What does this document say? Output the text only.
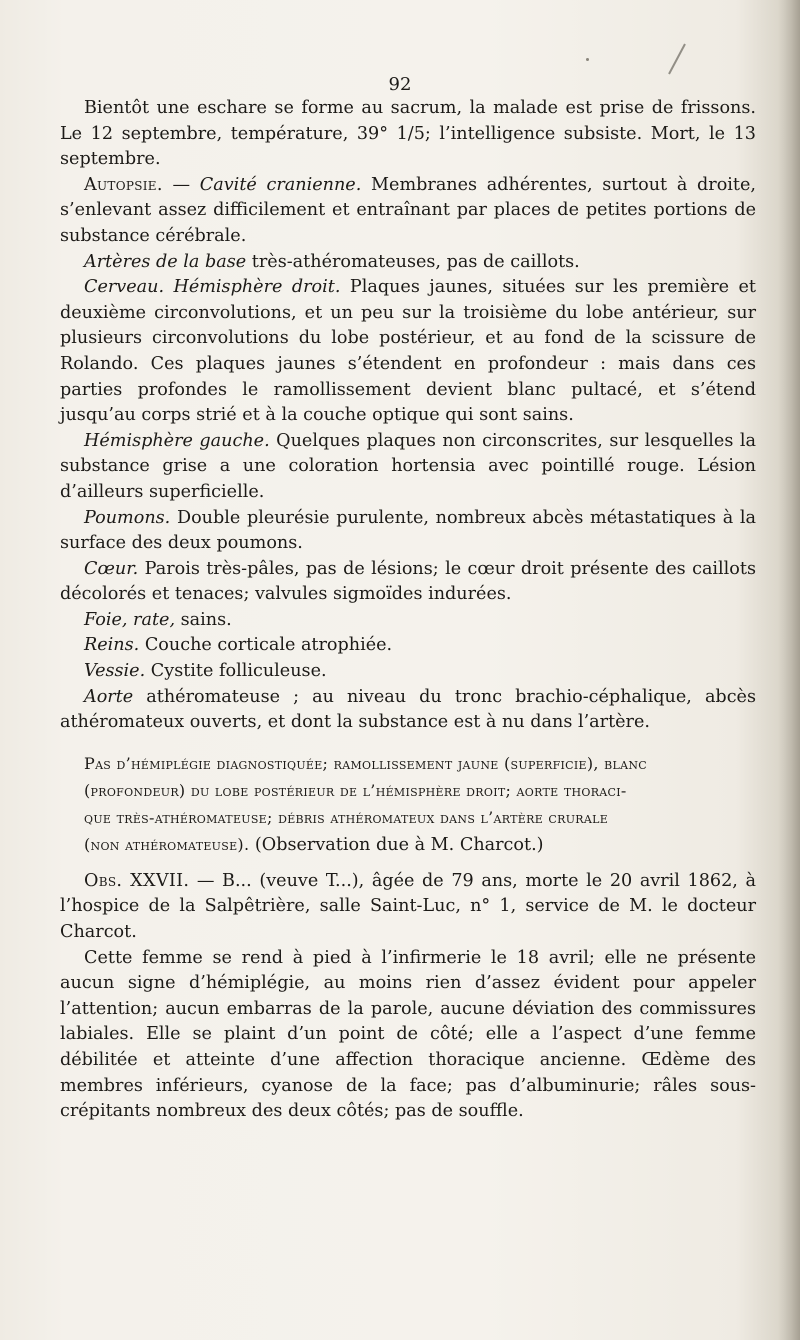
92

Bientôt une eschare se forme au sacrum, la malade est prise de frissons. Le 12 septembre, température, 39° 1/5; l’intelligence subsiste. Mort, le 13 septembre.

Autopsie. — Cavité cranienne. Membranes adhérentes, surtout à droite, s’enlevant assez difficilement et entraînant par places de petites portions de substance cérébrale.

Artères de la base très-athéromateuses, pas de caillots.

Cerveau. Hémisphère droit. Plaques jaunes, situées sur les première et deuxième circonvolutions, et un peu sur la troisième du lobe antérieur, sur plusieurs circonvolutions du lobe postérieur, et au fond de la scissure de Rolando. Ces plaques jaunes s’étendent en profondeur : mais dans ces parties profondes le ramollissement devient blanc pultacé, et s’étend jusqu’au corps strié et à la couche optique qui sont sains.

Hémisphère gauche. Quelques plaques non circonscrites, sur lesquelles la substance grise a une coloration hortensia avec pointillé rouge. Lésion d’ailleurs superficielle.

Poumons. Double pleurésie purulente, nombreux abcès métastatiques à la surface des deux poumons.

Cœur. Parois très-pâles, pas de lésions; le cœur droit présente des caillots décolorés et tenaces; valvules sigmoïdes indurées.

Foie, rate, sains.

Reins. Couche corticale atrophiée.

Vessie. Cystite folliculeuse.

Aorte athéromateuse ; au niveau du tronc brachio-céphalique, abcès athéromateux ouverts, et dont la substance est à nu dans l’artère.

Pas d’hémiplégie diagnostiquée; ramollissement jaune (superficie), blanc
(profondeur) du lobe postérieur de l’hémisphère droit; aorte thoraci-
que très-athéromateuse; débris athéromateux dans l’artère crurale
(non athéromateuse). (Observation due à M. Charcot.)

Obs. XXVII. — B... (veuve T...), âgée de 79 ans, morte le 20 avril 1862, à l’hospice de la Salpêtrière, salle Saint-Luc, n° 1, service de M. le docteur Charcot.

Cette femme se rend à pied à l’infirmerie le 18 avril; elle ne présente aucun signe d’hémiplégie, au moins rien d’assez évident pour appeler l’attention; aucun embarras de la parole, aucune déviation des commissures labiales. Elle se plaint d’un point de côté; elle a l’aspect d’une femme débilitée et atteinte d’une affection thoracique ancienne. Œdème des membres inférieurs, cyanose de la face; pas d’albuminurie; râles sous-crépitants nombreux des deux côtés; pas de souffle.
